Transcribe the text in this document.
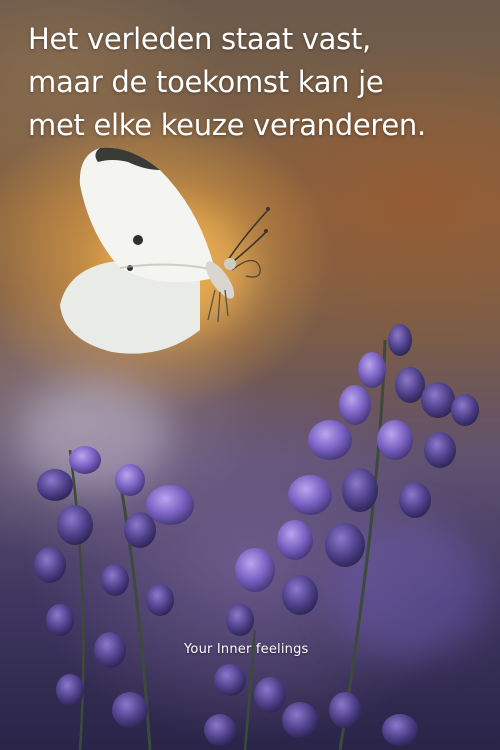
Het verleden staat vast,
maar de toekomst kan je
met elke keuze veranderen.
Your Inner feelings
